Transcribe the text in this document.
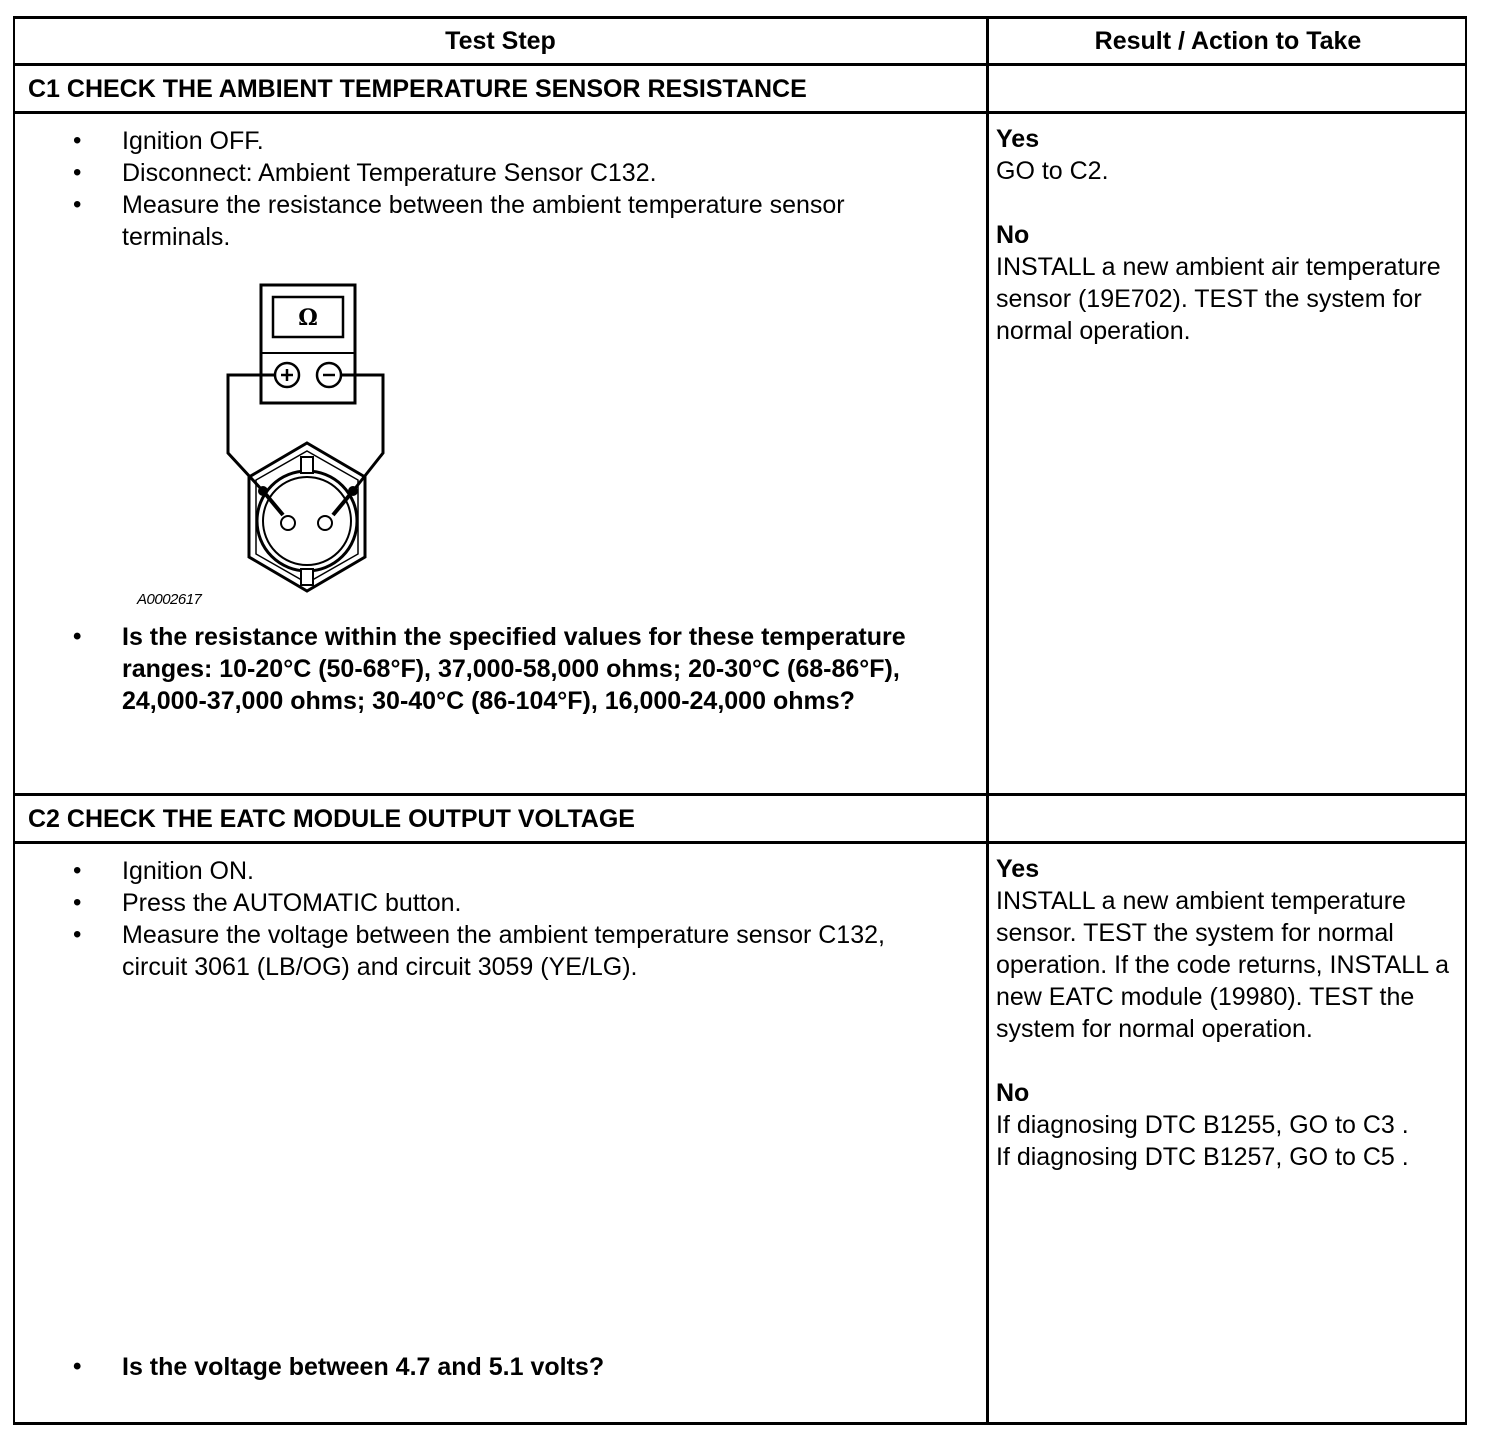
Test Step	Result / Action to Take
C1 CHECK THE AMBIENT TEMPERATURE SENSOR RESISTANCE
• Ignition OFF.
• Disconnect: Ambient Temperature Sensor C132.
• Measure the resistance between the ambient temperature sensor terminals.
Ω
A0002617
• Is the resistance within the specified values for these temperature ranges: 10-20°C (50-68°F), 37,000-58,000 ohms; 20-30°C (68-86°F), 24,000-37,000 ohms; 30-40°C (86-104°F), 16,000-24,000 ohms?

Yes

GO to C2.

No

INSTALL a new ambient air temperature sensor (19E702). TEST the system for normal operation.

C2 CHECK THE EATC MODULE OUTPUT VOLTAGE
• Ignition ON.
• Press the AUTOMATIC button.
• Measure the voltage between the ambient temperature sensor C132, circuit 3061 (LB/OG) and circuit 3059 (YE/LG).
• Is the voltage between 4.7 and 5.1 volts?

Yes

INSTALL a new ambient temperature sensor. TEST the system for normal operation. If the code returns, INSTALL a new EATC module (19980). TEST the system for normal operation.

No

If diagnosing DTC B1255, GO to C3 .

If diagnosing DTC B1257, GO to C5 .
